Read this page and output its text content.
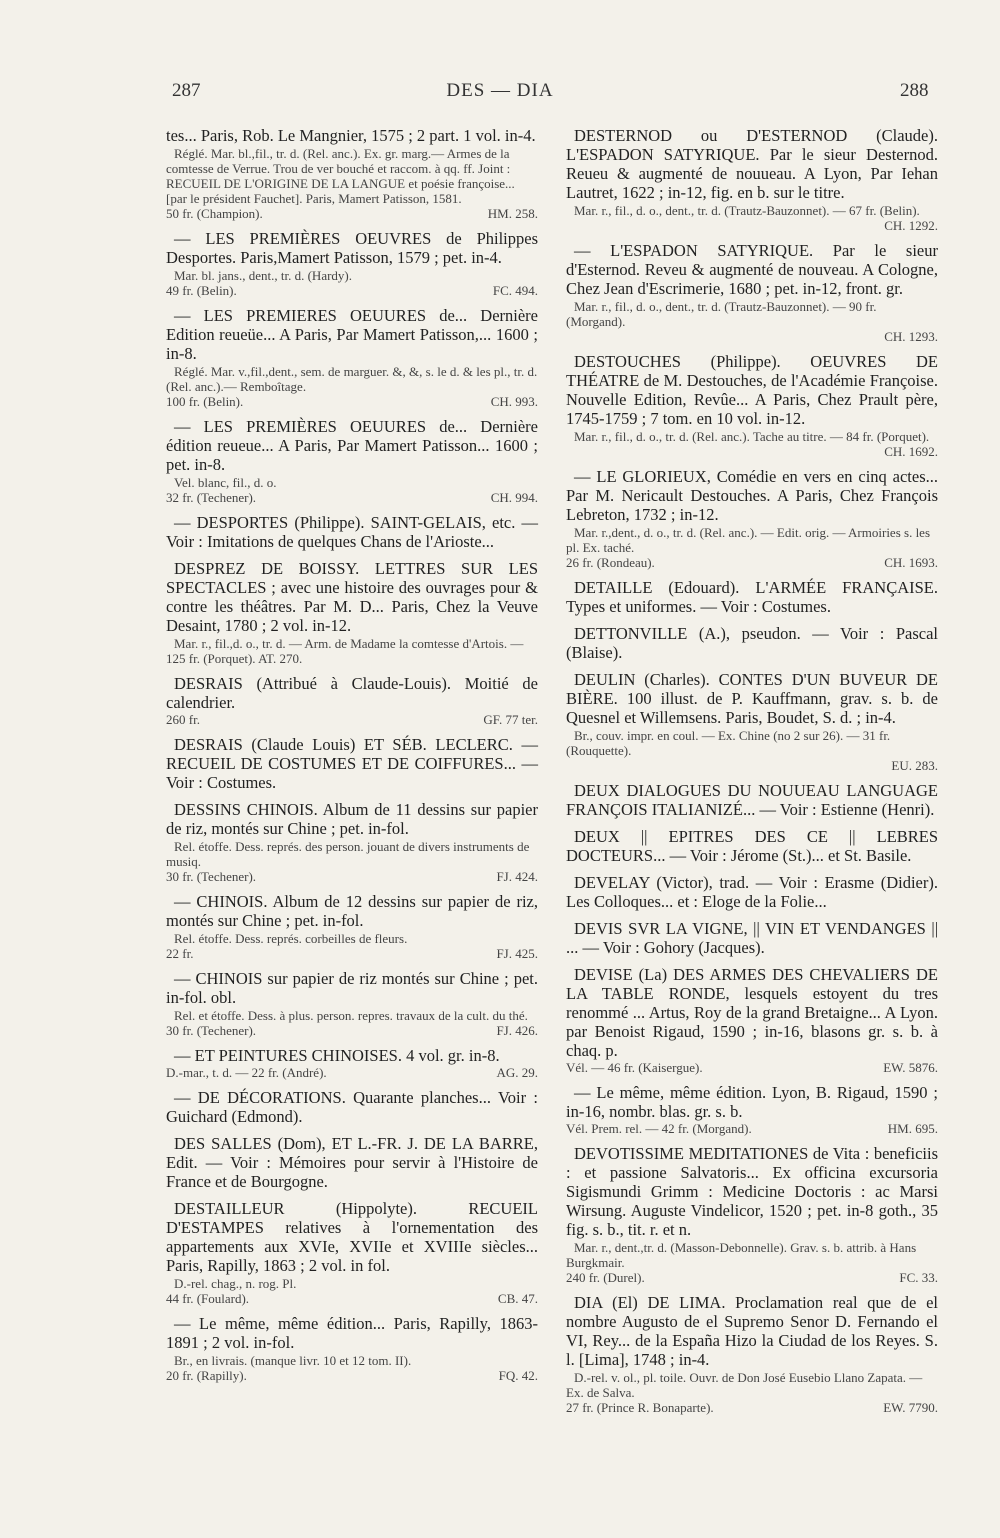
287	DES — DIA	288

tes... Paris, Rob. Le Mangnier, 1575 ; 2 part. 1 vol. in-4.

Réglé. Mar. bl.,fil., tr. d. (Rel. anc.). Ex. gr. marg.— Armes de la comtesse de Verrue. Trou de ver bouché et raccom. à qq. ff. Joint : RECUEIL DE L'ORIGINE DE LA LANGUE et poésie françoise... [par le président Fauchet]. Paris, Mamert Patisson, 1581.

50 fr. (Champion).	HM. 258.

— LES PREMIÈRES OEUVRES de Philippes Desportes. Paris,Mamert Patisson, 1579 ; pet. in-4.

Mar. bl. jans., dent., tr. d. (Hardy).

49 fr. (Belin).	FC. 494.

— LES PREMIERES OEUURES de... Dernière Edition reueüe... A Paris, Par Mamert Patisson,... 1600 ; in-8.

Réglé. Mar. v.,fil.,dent., sem. de marguer. &, &, s. le d. & les pl., tr. d. (Rel. anc.).— Remboîtage.

100 fr. (Belin).	CH. 993.

— LES PREMIÈRES OEUURES de... Dernière édition reueue... A Paris, Par Mamert Patisson... 1600 ; pet. in-8.

Vel. blanc, fil., d. o.

32 fr. (Techener).	CH. 994.

— DESPORTES (Philippe). SAINT-GELAIS, etc. — Voir : Imitations de quelques Chans de l'Arioste...

DESPREZ DE BOISSY. LETTRES SUR LES SPECTACLES ; avec une histoire des ouvrages pour & contre les théâtres. Par M. D... Paris, Chez la Veuve Desaint, 1780 ; 2 vol. in-12.

Mar. r., fil.,d. o., tr. d. — Arm. de Madame la comtesse d'Artois. — 125 fr. (Porquet). AT. 270.

DESRAIS (Attribué à Claude-Louis). Moitié de calendrier.

260 fr.	GF. 77 ter.

DESRAIS (Claude Louis) ET SÉB. LECLERC. — RECUEIL DE COSTUMES ET DE COIFFURES... — Voir : Costumes.

DESSINS CHINOIS. Album de 11 dessins sur papier de riz, montés sur Chine ; pet. in-fol.

Rel. étoffe. Dess. représ. des person. jouant de divers instruments de musiq.

30 fr. (Techener).	FJ. 424.

— CHINOIS. Album de 12 dessins sur papier de riz, montés sur Chine ; pet. in-fol.

Rel. étoffe. Dess. représ. corbeilles de fleurs.

22 fr.	FJ. 425.

— CHINOIS sur papier de riz montés sur Chine ; pet. in-fol. obl.

Rel. et étoffe. Dess. à plus. person. repres. travaux de la cult. du thé.

30 fr. (Techener).	FJ. 426.

— ET PEINTURES CHINOISES. 4 vol. gr. in-8.

D.-mar., t. d. — 22 fr. (André).	AG. 29.

— DE DÉCORATIONS. Quarante planches... Voir : Guichard (Edmond).

DES SALLES (Dom), ET L.-FR. J. DE LA BARRE, Edit. — Voir : Mémoires pour servir à l'Histoire de France et de Bourgogne.

DESTAILLEUR (Hippolyte). RECUEIL D'ESTAMPES relatives à l'ornementation des appartements aux XVIe, XVIIe et XVIIIe siècles... Paris, Rapilly, 1863 ; 2 vol. in fol.

D.-rel. chag., n. rog. Pl.

44 fr. (Foulard).	CB. 47.

— Le même, même édition... Paris, Rapilly, 1863-1891 ; 2 vol. in-fol.

Br., en livrais. (manque livr. 10 et 12 tom. II).

20 fr. (Rapilly).	FQ. 42.

DESTERNOD ou D'ESTERNOD (Claude). L'ESPADON SATYRIQUE. Par le sieur Desternod. Reueu & augmenté de nouueau. A Lyon, Par Iehan Lautret, 1622 ; in-12, fig. en b. sur le titre.

Mar. r., fil., d. o., dent., tr. d. (Trautz-Bauzonnet). — 67 fr. (Belin).

CH. 1292.

— L'ESPADON SATYRIQUE. Par le sieur d'Esternod. Reveu & augmenté de nouveau. A Cologne, Chez Jean d'Escrimerie, 1680 ; pet. in-12, front. gr.

Mar. r., fil., d. o., dent., tr. d. (Trautz-Bauzonnet). — 90 fr. (Morgand).

CH. 1293.

DESTOUCHES (Philippe). OEUVRES DE THÉATRE de M. Destouches, de l'Académie Françoise. Nouvelle Edition, Revûe... A Paris, Chez Prault père, 1745-1759 ; 7 tom. en 10 vol. in-12.

Mar. r., fil., d. o., tr. d. (Rel. anc.). Tache au titre. — 84 fr. (Porquet).

CH. 1692.

— LE GLORIEUX, Comédie en vers en cinq actes... Par M. Nericault Destouches. A Paris, Chez François Lebreton, 1732 ; in-12.

Mar. r.,dent., d. o., tr. d. (Rel. anc.). — Edit. orig. — Armoiries s. les pl. Ex. taché.

26 fr. (Rondeau).	CH. 1693.

DETAILLE (Edouard). L'ARMÉE FRANÇAISE. Types et uniformes. — Voir : Costumes.

DETTONVILLE (A.), pseudon. — Voir : Pascal (Blaise).

DEULIN (Charles). CONTES D'UN BUVEUR DE BIÈRE. 100 illust. de P. Kauffmann, grav. s. b. de Quesnel et Willemsens. Paris, Boudet, S. d. ; in-4.

Br., couv. impr. en coul. — Ex. Chine (no 2 sur 26). — 31 fr. (Rouquette).

EU. 283.

DEUX DIALOGUES DU NOUUEAU LANGUAGE FRANÇOIS ITALIANIZÉ... — Voir : Estienne (Henri).

DEUX || EPITRES DES CE || LEBRES DOCTEURS... — Voir : Jérome (St.)... et St. Basile.

DEVELAY (Victor), trad. — Voir : Erasme (Didier). Les Colloques... et : Eloge de la Folie...

DEVIS SVR LA VIGNE, || VIN ET VENDANGES || ... — Voir : Gohory (Jacques).

DEVISE (La) DES ARMES DES CHEVALIERS DE LA TABLE RONDE, lesquels estoyent du tres renommé ... Artus, Roy de la grand Bretaigne... A Lyon. par Benoist Rigaud, 1590 ; in-16, blasons gr. s. b. à chaq. p.

Vél. — 46 fr. (Kaisergue).	EW. 5876.

— Le même, même édition. Lyon, B. Rigaud, 1590 ; in-16, nombr. blas. gr. s. b.

Vél. Prem. rel. — 42 fr. (Morgand).	HM. 695.

DEVOTISSIME MEDITATIONES de Vita : beneficiis : et passione Salvatoris... Ex officina excursoria Sigismundi Grimm : Medicine Doctoris : ac Marsi Wirsung. Auguste Vindelicor, 1520 ; pet. in-8 goth., 35 fig. s. b., tit. r. et n.

Mar. r., dent.,tr. d. (Masson-Debonnelle). Grav. s. b. attrib. à Hans Burgkmair.

240 fr. (Durel).	FC. 33.

DIA (El) DE LIMA. Proclamation real que de el nombre Augusto de el Supremo Senor D. Fernando el VI, Rey... de la España Hizo la Ciudad de los Reyes. S. l. [Lima], 1748 ; in-4.

D.-rel. v. ol., pl. toile. Ouvr. de Don José Eusebio Llano Zapata. — Ex. de Salva.

27 fr. (Prince R. Bonaparte).	EW. 7790.
